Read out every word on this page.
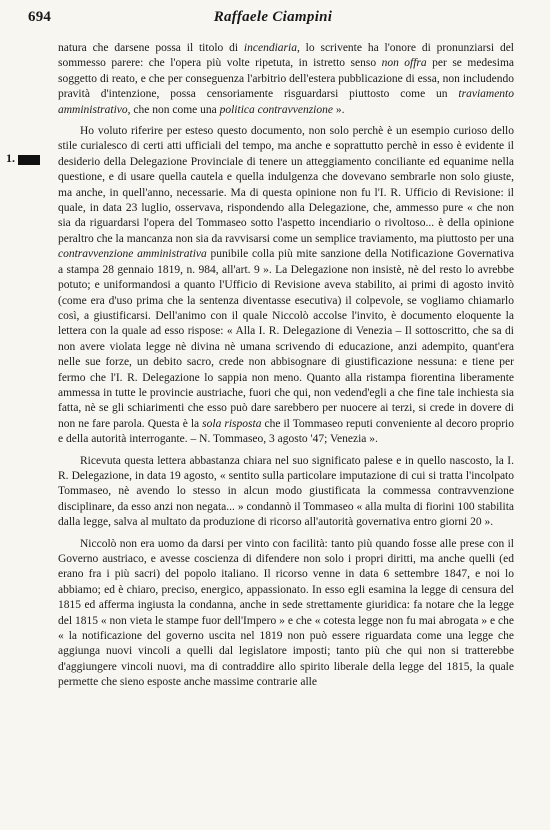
694	Raffaele Ciampini
1.

natura che darsene possa il titolo di incendiaria, lo scrivente ha l'onore di pronunziarsi del sommesso parere: che l'opera più volte ripetuta, in istretto senso non offra per se medesima soggetto di reato, e che per conseguenza l'arbitrio dell'estera pubblicazione di essa, non includendo pravità d'intenzione, possa censoriamente risguardarsi piuttosto come un traviamento amministrativo, che non come una politica contravvenzione ».

Ho voluto riferire per esteso questo documento, non solo perchè è un esempio curioso dello stile curialesco di certi atti ufficiali del tempo, ma anche e soprattutto perchè in esso è evidente il desiderio della Delegazione Provinciale di tenere un atteggiamento conciliante ed equanime nella questione, e di usare quella cautela e quella indulgenza che dovevano sembrarle non solo giuste, ma anche, in quell'anno, necessarie. Ma di questa opinione non fu l'I. R. Ufficio di Revisione: il quale, in data 23 luglio, osservava, rispondendo alla Delegazione, che, ammesso pure « che non sia da riguardarsi l'opera del Tommaseo sotto l'aspetto incendiario o rivoltoso... è della opinione peraltro che la mancanza non sia da ravvisarsi come un semplice traviamento, ma piuttosto per una contravvenzione amministrativa punibile colla più mite sanzione della Notificazione Governativa a stampa 28 gennaio 1819, n. 984, all'art. 9 ». La Delegazione non insistè, nè del resto lo avrebbe potuto; e uniformandosi a quanto l'Ufficio di Revisione aveva stabilito, ai primi di agosto invitò (come era d'uso prima che la sentenza diventasse esecutiva) il colpevole, se vogliamo chiamarlo così, a giustificarsi. Dell'animo con il quale Niccolò accolse l'invito, è documento eloquente la lettera con la quale ad esso rispose: « Alla I. R. Delegazione di Venezia – Il sottoscritto, che sa di non avere violata legge nè divina nè umana scrivendo di educazione, anzi adempito, quant'era nelle sue forze, un debito sacro, crede non abbisognare di giustificazione nessuna: e tiene per fermo che l'I. R. Delegazione lo sappia non meno. Quanto alla ristampa fiorentina liberamente ammessa in tutte le provincie austriache, fuori che qui, non vedend'egli a che fine tale inchiesta sia fatta, nè se gli schiarimenti che esso può dare sarebbero per nuocere ai terzi, si crede in dovere di non ne fare parola. Questa è la sola risposta che il Tommaseo reputi conveniente al decoro proprio e della autorità interrogante. – N. Tommaseo, 3 agosto '47; Venezia ».

Ricevuta questa lettera abbastanza chiara nel suo significato palese e in quello nascosto, la I. R. Delegazione, in data 19 agosto, « sentito sulla particolare imputazione di cui si tratta l'incolpato Tommaseo, nè avendo lo stesso in alcun modo giustificata la commessa contravvenzione disciplinare, da esso anzi non negata... » condannò il Tommaseo « alla multa di fiorini 100 stabilita dalla legge, salva al multato da produzione di ricorso all'autorità governativa entro giorni 20 ».

Niccolò non era uomo da darsi per vinto con facilità: tanto più quando fosse alle prese con il Governo austriaco, e avesse coscienza di difendere non solo i propri diritti, ma anche quelli (ed erano fra i più sacri) del popolo italiano. Il ricorso venne in data 6 settembre 1847, e noi lo abbiamo; ed è chiaro, preciso, energico, appassionato. In esso egli esamina la legge di censura del 1815 ed afferma ingiusta la condanna, anche in sede strettamente giuridica: fa notare che la legge del 1815 « non vieta le stampe fuor dell'Impero » e che « cotesta legge non fu mai abrogata » e che « la notificazione del governo uscita nel 1819 non può essere riguardata come una legge che aggiunga nuovi vincoli a quelli dal legislatore imposti; tanto più che qui non si tratterebbe d'aggiungere vincoli nuovi, ma di contraddire allo spirito liberale della legge del 1815, la quale permette che sieno esposte anche massime contrarie alle
